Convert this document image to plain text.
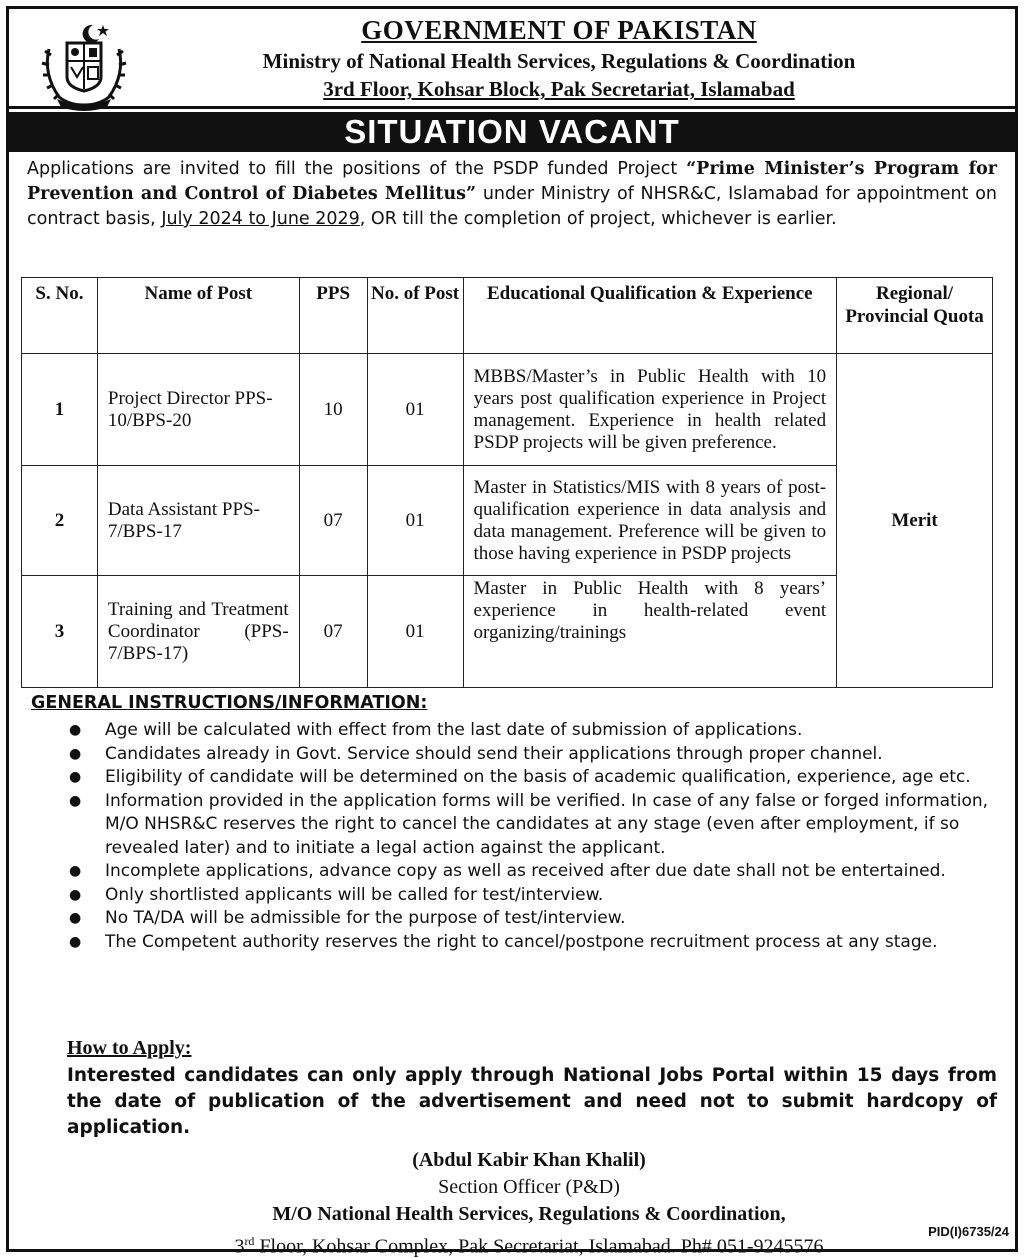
GOVERNMENT OF PAKISTAN
Ministry of National Health Services, Regulations & Coordination
3rd Floor, Kohsar Block, Pak Secretariat, Islamabad
SITUATION VACANT

Applications are invited to fill the positions of the PSDP funded Project “Prime Minister’s Program for Prevention and Control of Diabetes Mellitus” under Ministry of NHSR&C, Islamabad for appointment on contract basis, July 2024 to June 2029, OR till the completion of project, whichever is earlier.

S. No.	Name of Post	PPS	No. of Post	Educational Qualification & Experience	Regional/ Provincial Quota
1	Project Director PPS-10/BPS-20	10	01	MBBS/Master’s in Public Health with 10 years post qualification experience in Project management. Experience in health related PSDP projects will be given preference.	Merit
2	Data Assistant PPS-7/BPS-17	07	01	Master in Statistics/MIS with 8 years of post-qualification experience in data analysis and data management. Preference will be given to those having experience in PSDP projects	
3	Training and Treatment Coordinator (PPS-7/BPS-17)	07	01	Master in Public Health with 8 years’ experience in health-related event organizing/trainings	
GENERAL INSTRUCTIONS/INFORMATION:
● Age will be calculated with effect from the last date of submission of applications.
● Candidates already in Govt. Service should send their applications through proper channel.
● Eligibility of candidate will be determined on the basis of academic qualification, experience, age etc.
● Information provided in the application forms will be verified. In case of any false or forged information, M/O NHSR&C reserves the right to cancel the candidates at any stage (even after employment, if so revealed later) and to initiate a legal action against the applicant.
● Incomplete applications, advance copy as well as received after due date shall not be entertained.
● Only shortlisted applicants will be called for test/interview.
● No TA/DA will be admissible for the purpose of test/interview.
● The Competent authority reserves the right to cancel/postpone recruitment process at any stage.
How to Apply:

Interested candidates can only apply through National Jobs Portal within 15 days from the date of publication of the advertisement and need not to submit hardcopy of application.

(Abdul Kabir Khan Khalil)
Section Officer (P&D)
M/O National Health Services, Regulations & Coordination,
3rd Floor, Kohsar Complex, Pak Secretariat, Islamabad. Ph# 051-9245576
PID(I)6735/24
